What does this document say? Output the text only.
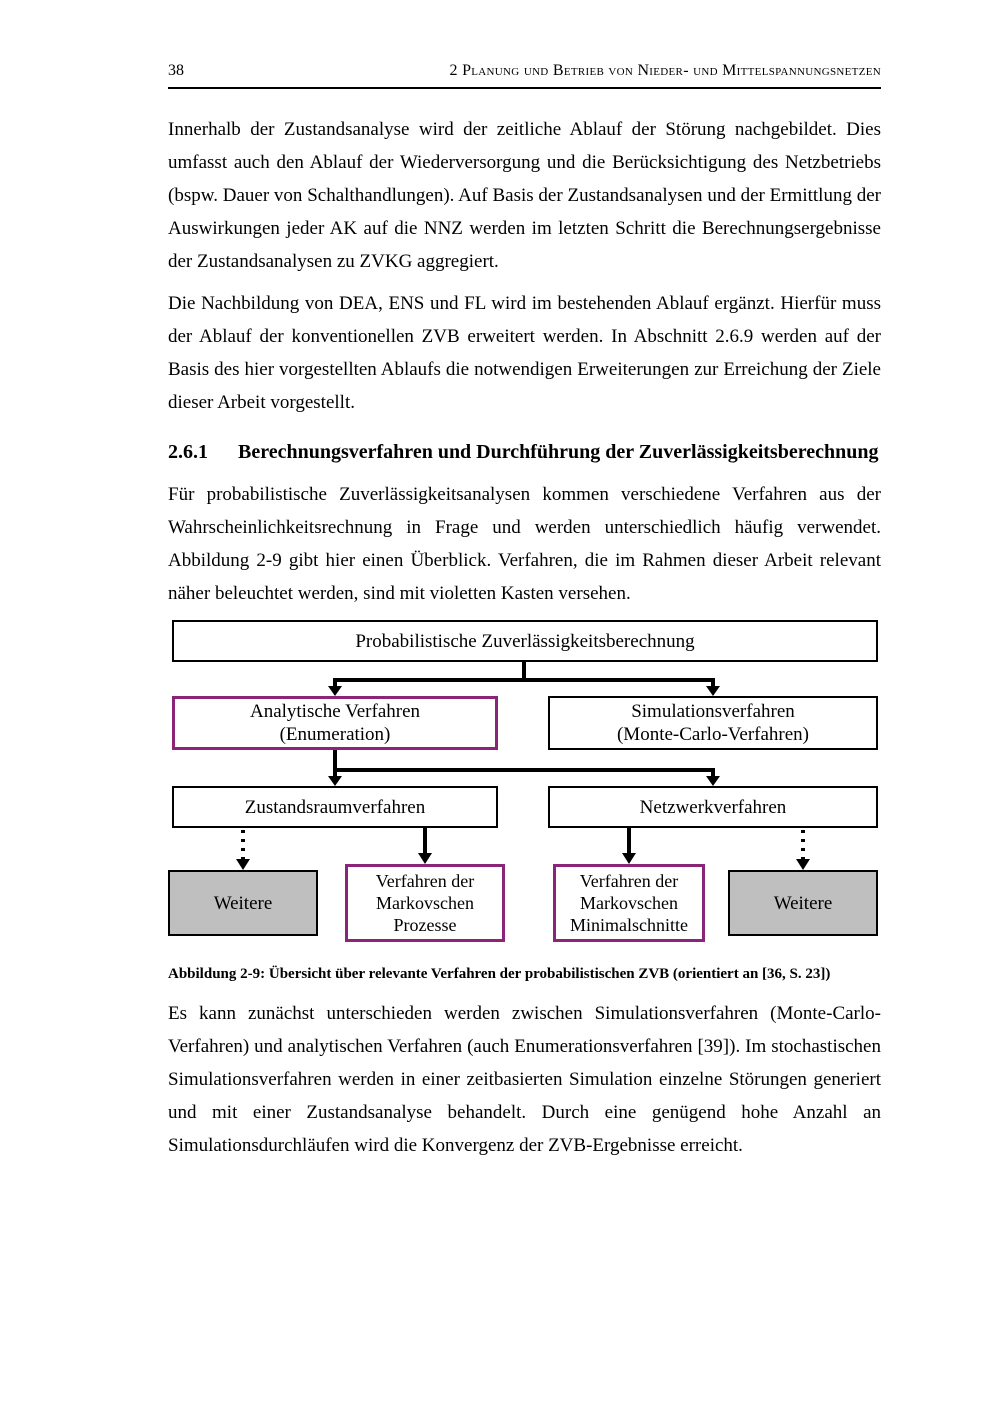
38	2 Planung und Betrieb von Nieder- und Mittelspannungsnetzen

Innerhalb der Zustandsanalyse wird der zeitliche Ablauf der Störung nachgebildet. Dies umfasst auch den Ablauf der Wiederversorgung und die Berücksichtigung des Netzbetriebs (bspw. Dauer von Schalthandlungen). Auf Basis der Zustandsanalysen und der Ermittlung der Auswirkungen jeder AK auf die NNZ werden im letzten Schritt die Berechnungsergebnisse der Zustandsanalysen zu ZVKG aggregiert.

Die Nachbildung von DEA, ENS und FL wird im bestehenden Ablauf ergänzt. Hierfür muss der Ablauf der konventionellen ZVB erweitert werden. In Abschnitt 2.6.9 werden auf der Basis des hier vorgestellten Ablaufs die notwendigen Erweiterungen zur Erreichung der Ziele dieser Arbeit vorgestellt.

2.6.1 Berechnungsverfahren und Durchführung der Zuverlässigkeitsberechnung

Für probabilistische Zuverlässigkeitsanalysen kommen verschiedene Verfahren aus der Wahrscheinlichkeitsrechnung in Frage und werden unterschiedlich häufig verwendet. Abbildung 2-9 gibt hier einen Überblick. Verfahren, die im Rahmen dieser Arbeit relevant näher beleuchtet werden, sind mit violetten Kasten versehen.

Probabilistische Zuverlässigkeitsberechnung
Analytische Verfahren
(Enumeration)
Simulationsverfahren
(Monte-Carlo-Verfahren)
Zustandsraumverfahren	Netzwerkverfahren
Weitere
Verfahren der
Markovschen
Prozesse
Verfahren der
Markovschen
Minimalschnitte
Weitere

Abbildung 2-9: Übersicht über relevante Verfahren der probabilistischen ZVB (orientiert an [36, S. 23])

Es kann zunächst unterschieden werden zwischen Simulationsverfahren (Monte-Carlo-Verfahren) und analytischen Verfahren (auch Enumerationsverfahren [39]). Im stochastischen Simulationsverfahren werden in einer zeitbasierten Simulation einzelne Störungen generiert und mit einer Zustandsanalyse behandelt. Durch eine genügend hohe Anzahl an Simulationsdurchläufen wird die Konvergenz der ZVB-Ergebnisse erreicht.
